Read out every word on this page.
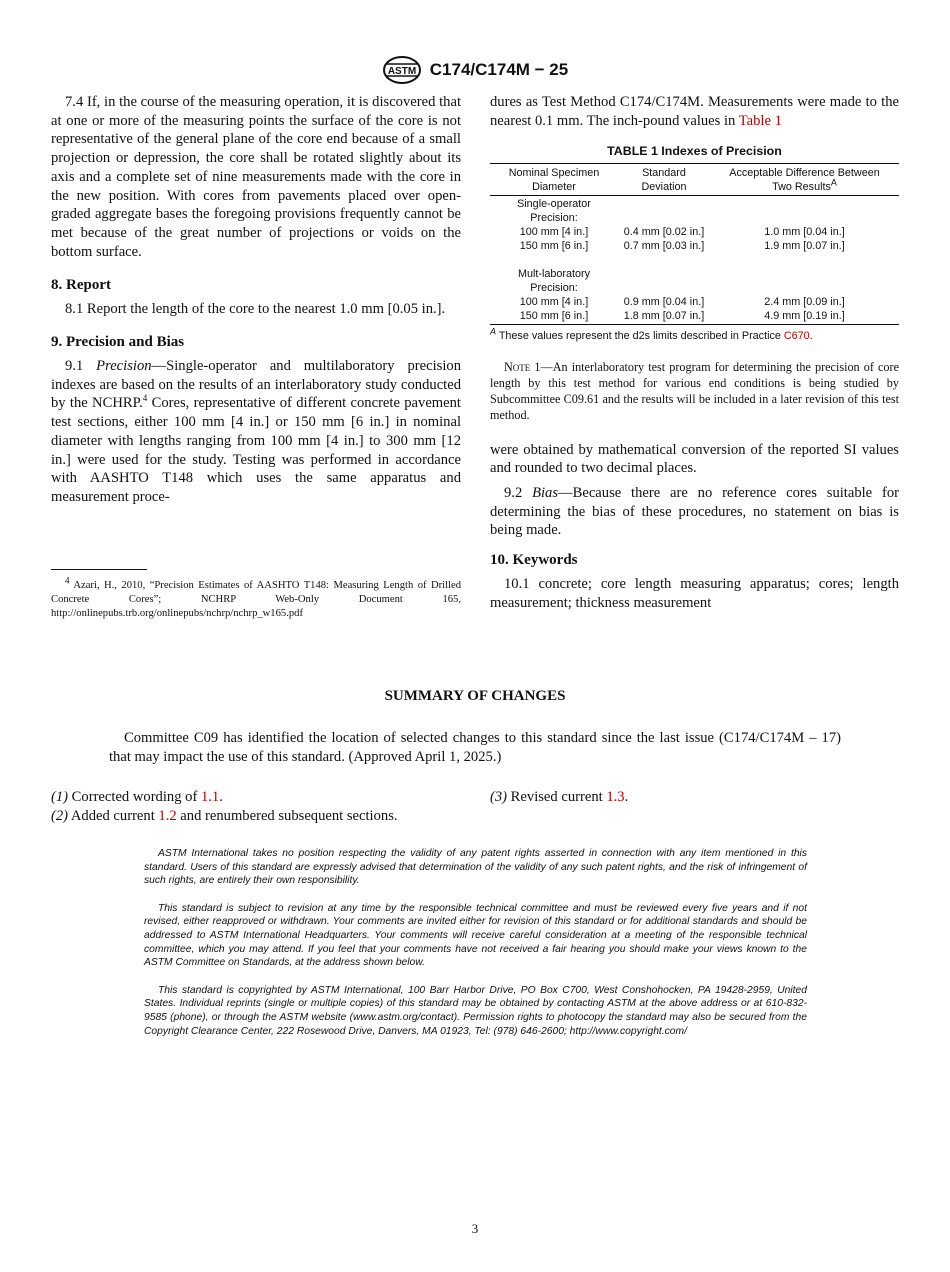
ASTM C174/C174M − 25

7.4 If, in the course of the measuring operation, it is discovered that at one or more of the measuring points the surface of the core is not representative of the general plane of the core end because of a small projection or depression, the core shall be rotated slightly about its axis and a complete set of nine measurements made with the core in the new position. With cores from pavements placed over open-graded aggregate bases the foregoing provisions frequently cannot be met because of the great number of projections or voids on the bottom surface.

8. Report

8.1 Report the length of the core to the nearest 1.0 mm [0.05 in.].

9. Precision and Bias

9.1 Precision—Single-operator and multilaboratory precision indexes are based on the results of an interlaboratory study conducted by the NCHRP.$^4$ Cores, representative of different concrete pavement test sections, either 100 mm [4 in.] or 150 mm [6 in.] in nominal diameter with lengths ranging from 100 mm [4 in.] to 300 mm [12 in.] were used for the study. Testing was performed in accordance with AASHTO T148 which uses the same apparatus and measurement proce-

$^4$ Azari, H., 2010, “Precision Estimates of AASHTO T148: Measuring Length of Drilled Concrete Cores”; NCHRP Web-Only Document 165, http://onlinepubs.trb.org/onlinepubs/nchrp/nchrp_w165.pdf

dures as Test Method C174/C174M. Measurements were made to the nearest 0.1 mm. The inch-pound values in Table 1

TABLE 1 Indexes of Precision
Nominal Specimen
Diameter	Standard
Deviation	Acceptable Difference Between
Two Results$^A$
Single-operator
Precision:		
100 mm [4 in.]	0.4 mm [0.02 in.]	1.0 mm [0.04 in.]
150 mm [6 in.]	0.7 mm [0.03 in.]	1.9 mm [0.07 in.]
Mult-laboratory
Precision:		
100 mm [4 in.]	0.9 mm [0.04 in.]	2.4 mm [0.09 in.]
150 mm [6 in.]	1.8 mm [0.07 in.]	4.9 mm [0.19 in.]
$^A$ These values represent the d2s limits described in Practice C670.

Note 1—An interlaboratory test program for determining the precision of core length by this test method for various end conditions is being studied by Subcommittee C09.61 and the results will be included in a later revision of this test method.

were obtained by mathematical conversion of the reported SI values and rounded to two decimal places.

9.2 Bias—Because there are no reference cores suitable for determining the bias of these procedures, no statement on bias is being made.

10. Keywords

10.1 concrete; core length measuring apparatus; cores; length measurement; thickness measurement

SUMMARY OF CHANGES

Committee C09 has identified the location of selected changes to this standard since the last issue (C174/C174M – 17) that may impact the use of this standard. (Approved April 1, 2025.)

(1) Corrected wording of 1.1.
(2) Added current 1.2 and renumbered subsequent sections.
(3) Revised current 1.3.

ASTM International takes no position respecting the validity of any patent rights asserted in connection with any item mentioned in this standard. Users of this standard are expressly advised that determination of the validity of any such patent rights, and the risk of infringement of such rights, are entirely their own responsibility.

This standard is subject to revision at any time by the responsible technical committee and must be reviewed every five years and if not revised, either reapproved or withdrawn. Your comments are invited either for revision of this standard or for additional standards and should be addressed to ASTM International Headquarters. Your comments will receive careful consideration at a meeting of the responsible technical committee, which you may attend. If you feel that your comments have not received a fair hearing you should make your views known to the ASTM Committee on Standards, at the address shown below.

This standard is copyrighted by ASTM International, 100 Barr Harbor Drive, PO Box C700, West Conshohocken, PA 19428-2959, United States. Individual reprints (single or multiple copies) of this standard may be obtained by contacting ASTM at the above address or at 610-832-9585 (phone), or through the ASTM website (www.astm.org/contact). Permission rights to photocopy the standard may also be secured from the Copyright Clearance Center, 222 Rosewood Drive, Danvers, MA 01923, Tel: (978) 646-2600; http://www.copyright.com/

3
